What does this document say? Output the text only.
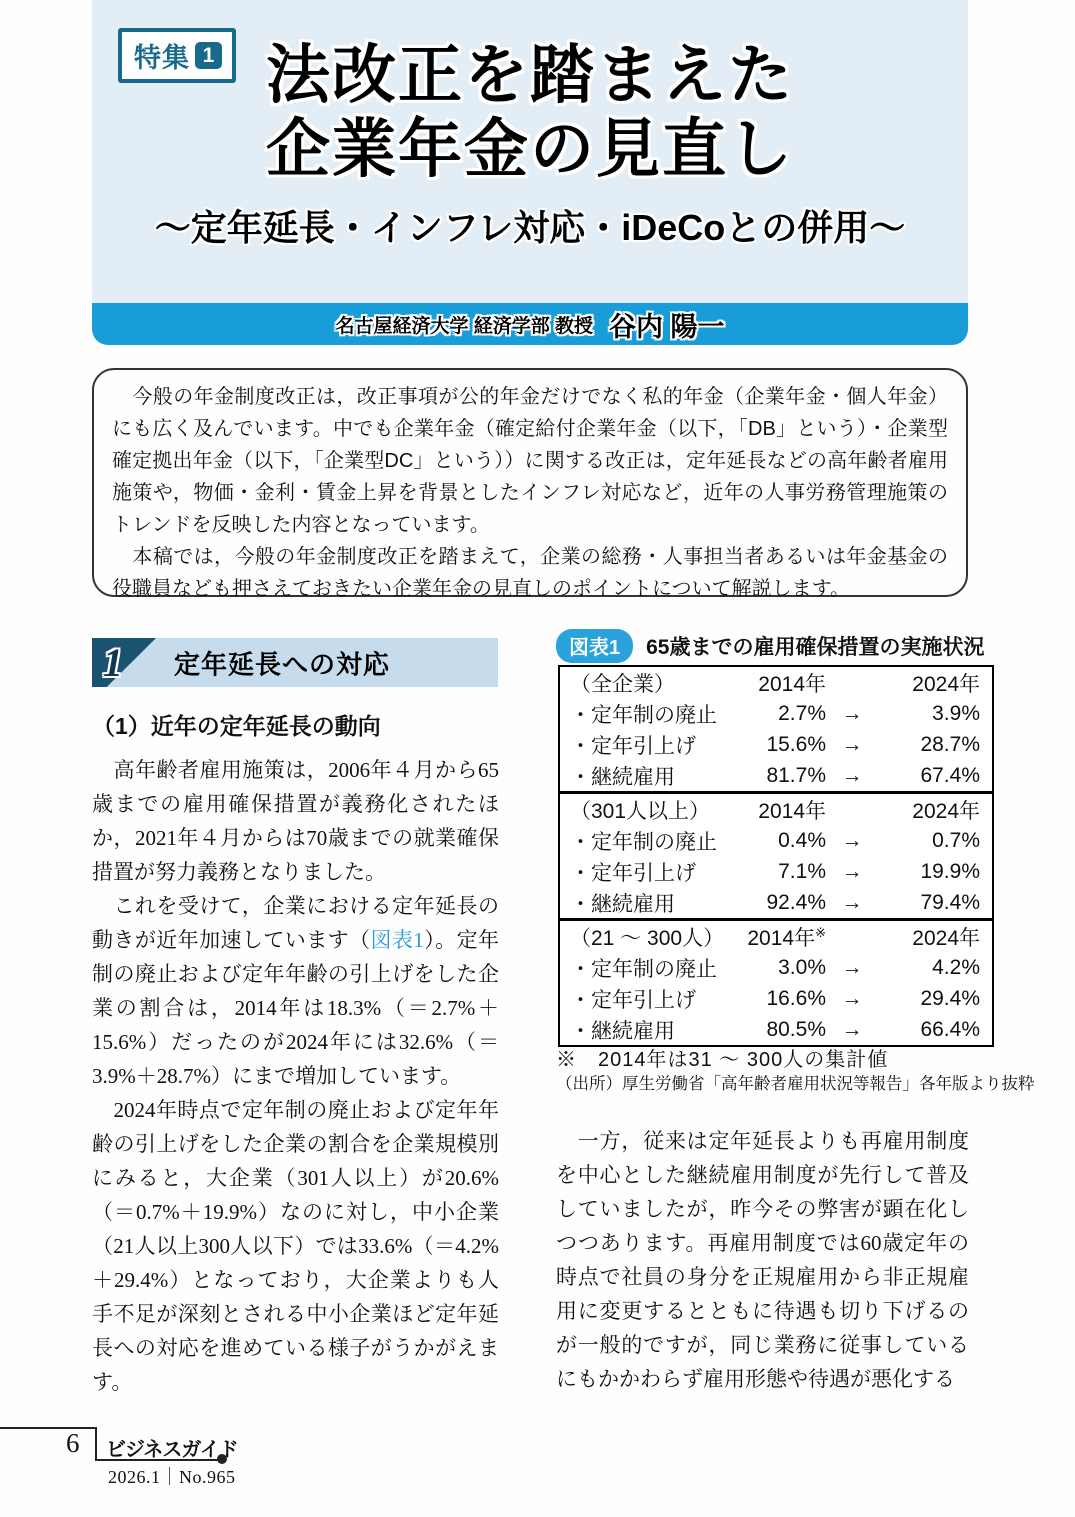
特集 1 法改正を踏まえた
企業年金の見直し
〜定年延長・インフレ対応・iDeCoとの併用〜
名古屋経済大学 経済学部 教授 谷内 陽一

　今般の年金制度改正は，改正事項が公的年金だけでなく私的年金（企業年金・個人年金）にも広く及んでいます。中でも企業年金（確定給付企業年金（以下，「DB」という）・企業型確定拠出年金（以下，「企業型DC」という））に関する改正は，定年延長などの高年齢者雇用施策や，物価・金利・賃金上昇を背景としたインフレ対応など，近年の人事労務管理施策のトレンドを反映した内容となっています。

　本稿では，今般の年金制度改正を踏まえて，企業の総務・人事担当者あるいは年金基金の役職員なども押さえておきたい企業年金の見直しのポイントについて解説します。

1 定年延長への対応
（1）近年の定年延長の動向

　高年齢者雇用施策は，2006年４月から65歳までの雇用確保措置が義務化されたほか，2021年４月からは70歳までの就業確保措置が努力義務となりました。

　これを受けて，企業における定年延長の動きが近年加速しています（図表1）。定年制の廃止および定年年齢の引上げをした企業の割合は，2014年は18.3%（＝2.7%＋15.6%）だったのが2024年には32.6%（＝3.9%＋28.7%）にまで増加しています。

　2024年時点で定年制の廃止および定年年齢の引上げをした企業の割合を企業規模別にみると，大企業（301人以上）が20.6%（＝0.7%＋19.9%）なのに対し，中小企業（21人以上300人以下）では33.6%（＝4.2%＋29.4%）となっており，大企業よりも人手不足が深刻とされる中小企業ほど定年延長への対応を進めている様子がうかがえます。

図表1	65歳までの雇用確保措置の実施状況
（全企業）	2014年		2024年
・定年制の廃止	2.7%	→	3.9%
・定年引上げ	15.6%	→	28.7%
・継続雇用	81.7%	→	67.4%
（301人以上）	2014年		2024年
・定年制の廃止	0.4%	→	0.7%
・定年引上げ	7.1%	→	19.9%
・継続雇用	92.4%	→	79.4%
（21 〜 300人）	2014年※		2024年
・定年制の廃止	3.0%	→	4.2%
・定年引上げ	16.6%	→	29.4%
・継続雇用	80.5%	→	66.4%
※　2014年は31 〜 300人の集計値
（出所）厚生労働省「高年齢者雇用状況等報告」各年版より抜粋

　一方，従来は定年延長よりも再雇用制度を中心とした継続雇用制度が先行して普及していましたが，昨今その弊害が顕在化しつつあります。再雇用制度では60歳定年の時点で社員の身分を正規雇用から非正規雇用に変更するとともに待遇も切り下げるのが一般的ですが，同じ業務に従事しているにもかかわらず雇用形態や待遇が悪化する

6 ビジネスガイド
2026.1｜No.965
